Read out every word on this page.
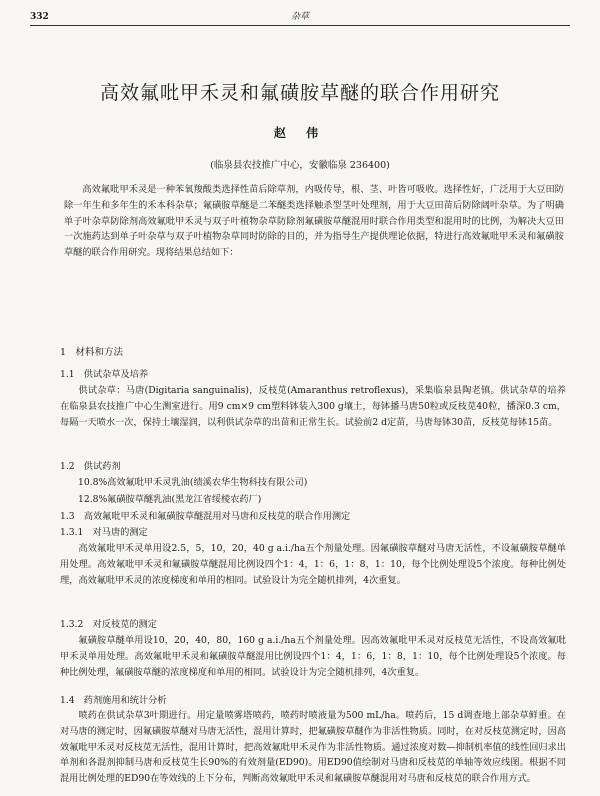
332	杂草
高效氟吡甲禾灵和氟磺胺草醚的联合作用研究
赵 伟
(临泉县农技推广中心，安徽临泉 236400)

高效氟吡甲禾灵是一种苯氧羧酸类选择性苗后除草剂，内吸传导，根、茎、叶皆可吸收。选择性好，广泛用于大豆田防除一年生和多年生的禾本科杂草；氟磺胺草醚是二苯醚类选择触杀型茎叶处理剂，用于大豆田苗后防除阔叶杂草。为了明确单子叶杂草防除剂高效氟吡甲禾灵与双子叶植物杂草防除剂氟磺胺草醚混用时联合作用类型和混用时的比例，为解决大豆田一次施药达到单子叶杂草与双子叶植物杂草同时防除的目的，并为指导生产提供理论依据，特进行高效氟吡甲禾灵和氟磺胺草醚的联合作用研究。现将结果总结如下：

1　材料和方法
1.1　供试杂草及培养

供试杂草：马唐(Digitaria sanguinalis)，反枝苋(Amaranthus retroflexus)，采集临泉县陶老镇。供试杂草的培养在临泉县农技推广中心生测室进行。用9 cm×9 cm塑料钵装入300 g壤土，每钵播马唐50粒或反枝苋40粒，播深0.3 cm，每隔一天喷水一次，保持土壤湿润，以利供试杂草的出苗和正常生长。试验前2 d定苗，马唐每钵30苗，反枝苋每钵15苗。

1.2　供试药剂
10.8%高效氟吡甲禾灵乳油(绩溪农华生物科技有限公司)
12.8%氟磺胺草醚乳油(黑龙江省绥棱农药厂)
1.3　高效氟吡甲禾灵和氟磺胺草醚混用对马唐和反枝苋的联合作用测定
1.3.1　对马唐的测定

高效氟吡甲禾灵单用设2.5，5，10，20，40 g a.i./ha五个剂量处理。因氟磺胺草醚对马唐无活性，不设氟磺胺草醚单用处理。高效氟吡甲禾灵和氟磺胺草醚混用比例设四个1：4，1：6，1：8，1：10，每个比例处理设5个浓度。每种比例处理，高效氟吡甲禾灵的浓度梯度和单用的相同。试验设计为完全随机排列，4次重复。

1.3.2　对反枝苋的测定

氟磺胺草醚单用设10，20，40，80，160 g a.i./ha五个剂量处理。因高效氟吡甲禾灵对反枝苋无活性，不设高效氟吡甲禾灵单用处理。高效氟吡甲禾灵和氟磺胺草醚混用比例设四个1：4，1：6，1：8，1：10，每个比例处理设5个浓度。每种比例处理，氟磺胺草醚的浓度梯度和单用的相同。试验设计为完全随机排列，4次重复。

1.4　药剂施用和统计分析

喷药在供试杂草3叶期进行。用定量喷雾塔喷药，喷药时喷液量为500 mL/ha。喷药后，15 d调查地上部杂草鲜重。在对马唐的测定时，因氟磺胺草醚对马唐无活性，混用计算时，把氟磺胺草醚作为非活性物质。同时，在对反枝苋测定时，因高效氟吡甲禾灵对反枝苋无活性，混用计算时，把高效氟吡甲禾灵作为非活性物质。通过浓度对数—抑制机率值的线性回归求出单剂和各混剂抑制马唐和反枝苋生长90%的有效剂量(ED90)。用ED90值绘制对马唐和反枝苋的单轴等效应线图。根据不同混用比例处理的ED90在等效线的上下分布，判断高效氟吡甲禾灵和氟磺胺草醚混用对马唐和反枝苋的联合作用方式。
